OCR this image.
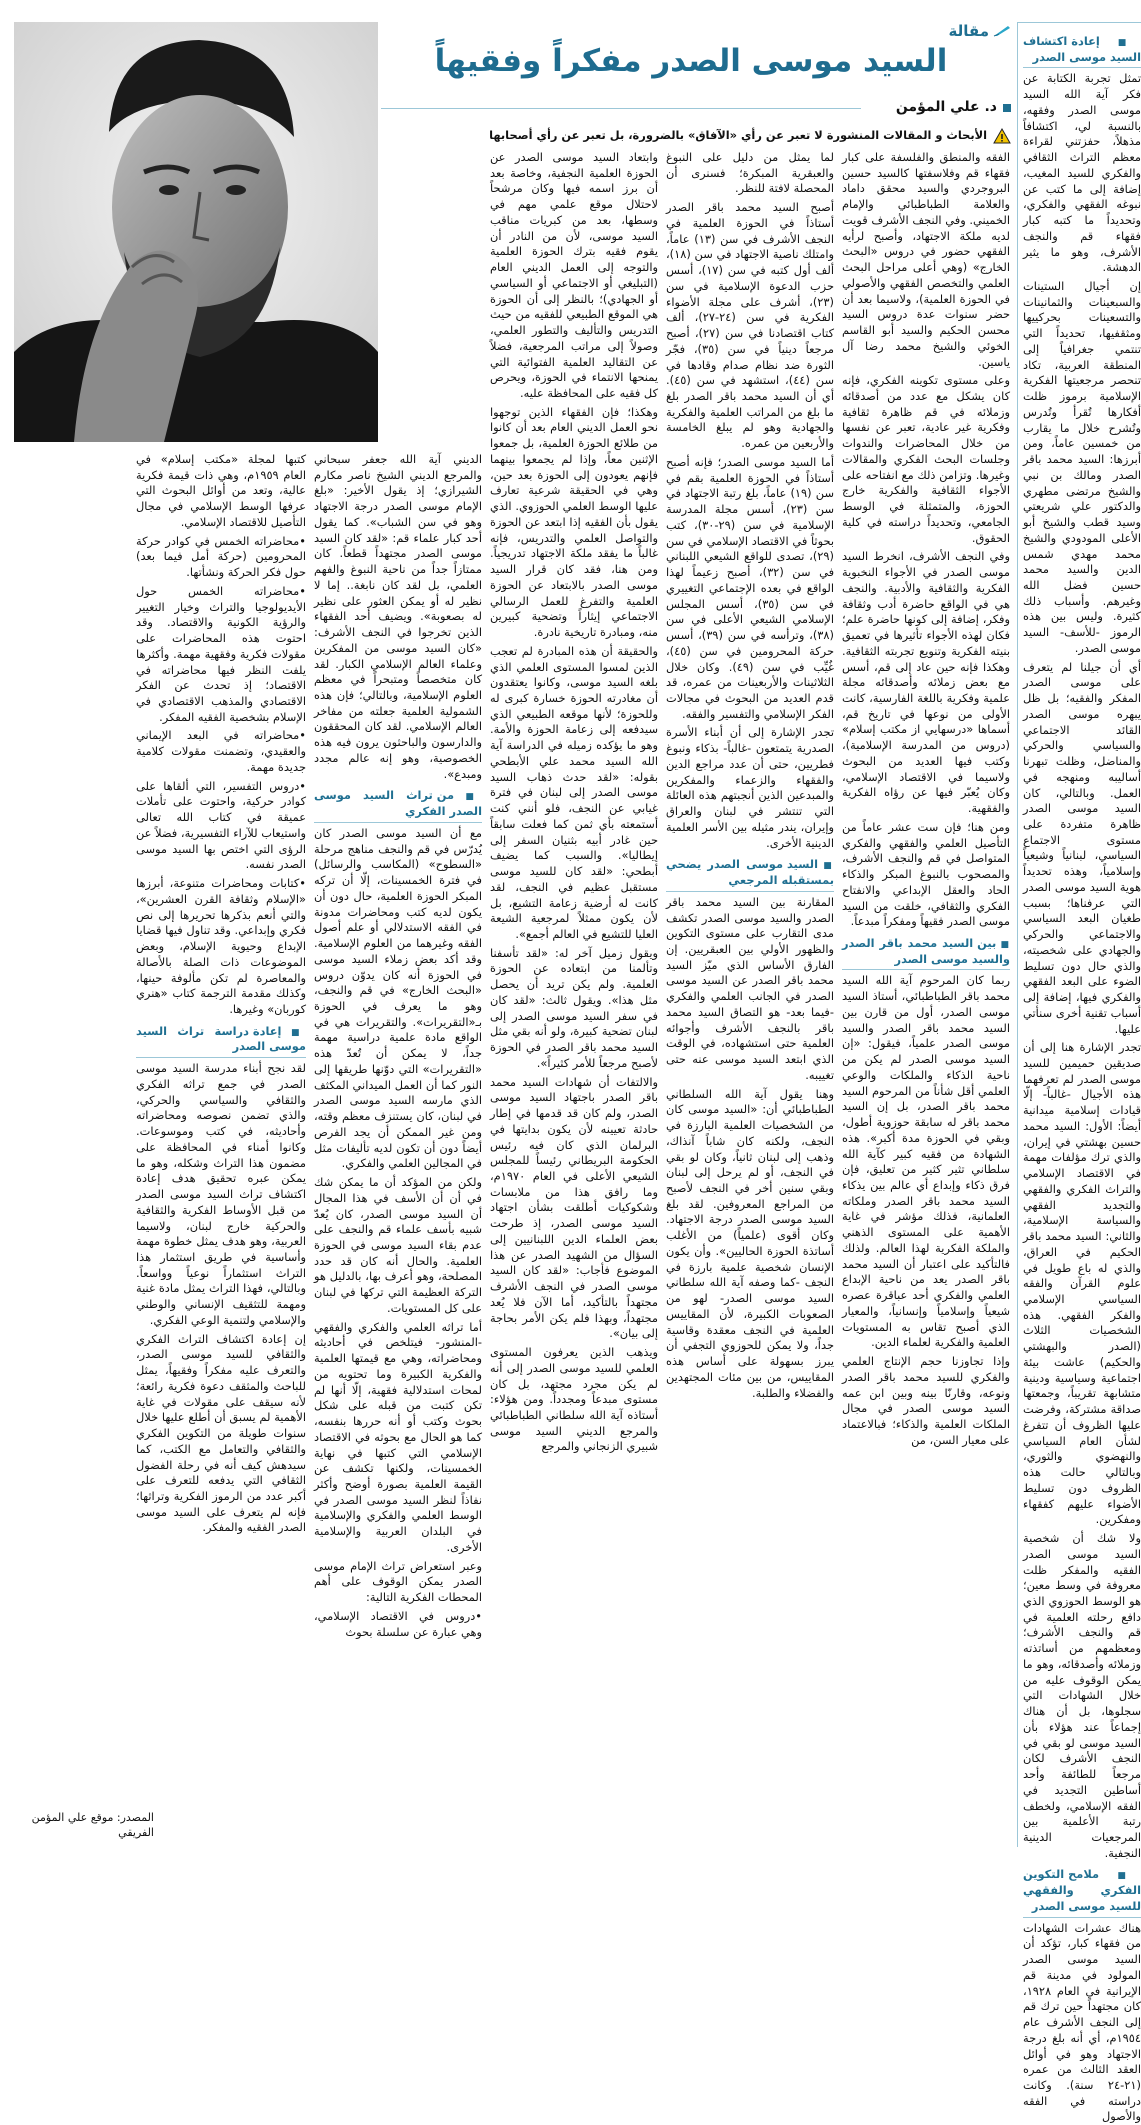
مقالة
السيد موسى الصدر مفكراً وفقيهاً
د. علي المؤمن
الأبحاث و المقالات المنشورة لا تعبر عن رأي «الآفاق» بالضرورة، بل تعبر عن رأي أصحابها
■ إعادة اكتشاف السيد موسى الصدر

تمثل تجربة الكتابة عن فكر آية الله السيد موسى الصدر وفقهه، بالنسبة لي، اكتشافاً مذهلاً، حفزتني لقراءة معظم التراث الثقافي والفكري للسيد المغيب، إضافة إلى ما كتب عن نبوغه الفقهي والفكري، وتحديداً ما كتبه كبار فقهاء قم والنجف الأشرف، وهو ما يثير الدهشة.

إن أجيال الستينات والسبعينات والثمانينات والتسعينات بحركييها ومثقفيها، تحديداً التي تنتمي جغرافياً إلى المنطقة العربية، تكاد تنحصر مرجعيتها الفكرية الإسلامية برموز ظلت أفكارها تُقرأ وتُدرس وتُشرح خلال ما يقارب من خمسين عاماً، ومن أبرزها: السيد محمد باقر الصدر ومالك بن نبي والشيخ مرتضى مطهري والدكتور علي شريعتي وسيد قطب والشيخ أبو الأعلى المودودي والشيخ محمد مهدي شمس الدين والسيد محمد حسين فضل الله وغيرهم. وأسباب ذلك كثيرة. وليس بين هذه الرموز -للأسف- السيد موسى الصدر.

أي أن جيلنا لم يتعرف على موسى الصدر المفكر والفقيه؛ بل ظل يبهره موسى الصدر القائد الاجتماعي والسياسي والحركي والمناضل، وظلت تبهرنا أساليبه ومنهجه في العمل. وبالتالي، كان السيد موسى الصدر ظاهرة متفردة على مستوى الاجتماع السياسي، لبنانياً وشيعياً وإسلامياً، وهذه تحديداً هوية السيد موسى الصدر التي عرفناها؛ بسبب طغيان البعد السياسي والاجتماعي والحركي والجهادي على شخصيته، والذي حال دون تسليط الضوء على البعد الفقهي والفكري فيها، إضافة إلى أسباب تقنية أخرى سنأتي عليها.

تجدر الإشارة هنا إلى أن صديقين حميمين للسيد موسى الصدر لم تعرفهما هذه الأجيال -غالباً- إلّا قيادات إسلامية ميدانية أيضاً: الأول: السيد محمد حسين بهشتي في إيران، والذي ترك مؤلفات مهمة في الاقتصاد الإسلامي والتراث الفكري والفقهي والتجديد الفقهي والسياسة الإسلامية، والثاني: السيد محمد باقر الحكيم في العراق، والذي له باع طويل في علوم القرآن والفقه السياسي الإسلامي والفكر الفقهي. هذه الشخصيات الثلاث (الصدر والبهشتي والحكيم) عاشت بيئة اجتماعية وسياسية ودينية متشابهة تقريباً، وجمعتها صداقة مشتركة، وفرضت عليها الظروف أن تتفرغ لشأن العام السياسي والنهضوي والثوري، وبالتالي حالت هذه الظروف دون تسليط الأضواء عليهم كفقهاء ومفكرين.

ولا شك أن شخصية السيد موسى الصدر الفقيه والمفكر ظلت معروفة في وسط معين؛ هو الوسط الحوزوي الذي دافع رحلته العلمية في قم والنجف الأشرف؛ ومعظمهم من أساتذته وزملائه وأصدقائه، وهو ما يمكن الوقوف عليه من خلال الشهادات التي سجلوها، بل أن هناك إجماعاً عند هؤلاء بأن السيد موسى لو بقي في النجف الأشرف لكان مرجعاً للطائفة وأحد أساطين التجديد في الفقه الإسلامي، ولخطف رتبة الأعلمية بين المرجعيات الدينية النجفية.

■ ملامح التكوين الفكري والفقهي للسيد موسى الصدر

هناك عشرات الشهادات من فقهاء كبار، تؤكد أن السيد موسى الصدر المولود في مدينة قم الإيرانية في العام ١٩٢٨، كان مجتهداً حين ترك قم إلى النجف الأشرف عام ١٩٥٤م، أي أنه بلغ درجة الاجتهاد وهو في أوائل العقد الثالث من عمره (٢١-٢٤ سنة). وكانت دراسته في الفقه والأصول

الفقه والمنطق والفلسفة على كبار فقهاء قم وفلاسفتها كالسيد حسين البروجردي والسيد محقق داماد والعلامة الطباطبائي والإمام الخميني. وفي النجف الأشرف قويت لديه ملكة الاجتهاد، وأصبح لرأيه الفقهي حضور في دروس «البحث الخارج» (وهي أعلى مراحل البحث العلمي والتخصص الفقهي والأصولي في الحوزة العلمية)، ولاسيما بعد أن حضر سنوات عدة دروس السيد محسن الحكيم والسيد أبو القاسم الخوئي والشيخ محمد رضا آل ياسين.

وعلى مستوى تكوينه الفكري، فإنه كان يشكل مع عدد من أصدقائه وزملائه في قم ظاهرة ثقافية وفكرية غير عادية، تعبر عن نفسها من خلال المحاضرات والندوات وجلسات البحث الفكري والمقالات وغيرها. وتزامن ذلك مع انفتاحه على الأجواء الثقافية والفكرية خارج الحوزة، والمتمثلة في الوسط الجامعي، وتحديداً دراسته في كلية الحقوق.

وفي النجف الأشرف، انخرط السيد موسى الصدر في الأجواء النخبوية الفكرية والثقافية والأدبية. والنجف هي في الواقع حاضرة أدب وثقافة وفكر، إضافة إلى كونها حاضرة علم؛ فكان لهذه الأجواء تأثيرها في تعميق بنيته الفكرية وتنويع تجربته الثقافية. وهكذا فإنه حين عاد إلى قم، أسس مع بعض زملائه وأصدقائه مجلة علمية وفكرية باللغة الفارسية، كانت الأولى من نوعها في تاريخ قم، أسماها «درسهايي از مكتب إسلام» (دروس من المدرسة الإسلامية)، وكتب فيها العديد من البحوث ولاسيما في الاقتصاد الإسلامي، وكان يُعبّر فيها عن رؤاه الفكرية والفقهية.

ومن هنا؛ فإن ست عشر عاماً من التأصيل العلمي والفقهي والفكري المتواصل في قم والنجف الأشرف، والمصحوب بالنبوغ المبكر والذكاء الحاد والعقل الإبداعي والانفتاح الفكري والثقافي، خلقت من السيد موسى الصدر فقيهاً ومفكراً مبدعاً.

■ بين السيد محمد باقر الصدر والسيد موسى الصدر

ربما كان المرحوم آية الله السيد محمد باقر الطباطبائي، أستاذ السيد موسى الصدر، أول من قارن بين السيد محمد باقر الصدر والسيد موسى الصدر علمياً، فيقول: «إن السيد موسى الصدر لم يكن من ناحية الذكاء والملكات والوعي العلمي أقل شأناً من المرحوم السيد محمد باقر الصدر، بل إن السيد محمد باقر له سابقة حوزوية أطول، وبقي في الحوزة مدة أكبر». هذه الشهادة من فقيه كبير كآية الله سلطاني تثير كثير من تعليق، فإن فرق ذكاء وإبداع أي عالم بين يذكاء السيد محمد باقر الصدر وملكاته العلمانية، فذلك مؤشر في غاية الأهمية على المستوى الذهني والملكة الفكرية لهذا العالم. ولذلك فالتأكيد على اعتبار أن السيد محمد باقر الصدر يعد من ناحية الإبداع العلمي والفكري أحد عباقرة عصره شيعياً وإسلامياً وإنسانياً، والمعيار الذي أصبح تقاس به المستويات العلمية والفكرية لعلماء الدين.

وإذا تجاوزنا حجم الإنتاج العلمي والفكري للسيد محمد باقر الصدر ونوعه، وقارنّا بينه وبين ابن عمه السيد موسى الصدر في مجال الملكات العلمية والذكاء؛ فبالاعتماد على معيار السن، من

لما يمثل من دليل على النبوغ والعبقرية المبكرة؛ فسنرى أن المحصلة لافتة للنظر.

أصبح السيد محمد باقر الصدر أستاذاً في الحوزة العلمية في النجف الأشرف في سن (١٣) عاماً، وامتلك ناصية الاجتهاد في سن (١٨)، ألف أول كتبه في سن (١٧)، أسس حزب الدعوة الإسلامية في سن (٢٣)، أشرف على مجلة الأضواء الفكرية في سن (٢٤-٢٧)، ألف كتاب اقتصادنا في سن (٢٧)، أصبح مرجعاً دينياً في سن (٣٥)، فجّر الثورة ضد نظام صدام وقادها في سن (٤٤)، استشهد في سن (٤٥). أي أن السيد محمد باقر الصدر بلغ ما بلغ من المراتب العلمية والفكرية والجهادية وهو لم يبلغ الخامسة والأربعين من عمره.

أما السيد موسى الصدر؛ فإنه أصبح أستاذاً في الحوزة العلمية بقم في سن (١٩) عاماً، بلغ رتبة الاجتهاد في سن (٢٣)، أسس مجلة المدرسة الإسلامية في سن (٢٩-٣٠)، كتب بحوثاً في الاقتصاد الإسلامي في سن (٢٩)، تصدى للواقع الشيعي اللبناني في سن (٣٢)، أصبح زعيماً لهذا الواقع في بعده الإجتماعي التغييري في سن (٣٥)، أسس المجلس الإسلامي الشيعي الأعلى في سن (٣٨)، وترأسه في سن (٣٩)، أسس حركة المحرومين في سن (٤٥)، غُيِّب في سن (٤٩). وكان خلال الثلاثينات والأربعينات من عمره، قد قدم العديد من البحوث في مجالات الفكر الإسلامي والتفسير والفقه.

تجدر الإشارة إلى أن أبناء الأسرة الصدرية يتمتعون -غالباً- بذكاء ونبوغ فطريين، حتى أن عدد مراجع الدين والفقهاء والزعماء والمفكرين والمبدعين الذين أنجبتهم هذه العائلة التي تنتشر في لبنان والعراق وإيران، يندر مثيله بين الأسر العلمية الدينية الأخرى.

■ السيد موسى الصدر يضحي بمستقبله المرجعي

المقارنة بين السيد محمد باقر الصدر والسيد موسى الصدر تكشف مدى التقارب على مستوى التكوين والظهور الأولي بين العبقريين. إن الفارق الأساس الذي ميّز السيد محمد باقر الصدر عن السيد موسى الصدر في الجانب العلمي والفكري -فيما بعد- هو التصاق السيد محمد باقر بالنجف الأشرف وأجوائه العلمية حتى استشهاده، في الوقت الذي ابتعد السيد موسى عنه حتى تغييبه.

وهنا يقول آية الله السلطاني الطباطبائي أن: «السيد موسى كان من الشخصيات العلمية البارزة في النجف، ولكنه كان شاباً آنذاك، وذهب إلى لبنان ثانياً، وكان لو بقي في النجف، أو لم يرحل إلى لبنان وبقي سنين أخر في النجف لأصبح من المراجع المعروفين. لقد بلغ السيد موسى الصدر درجة الاجتهاد. وكان أقوى (علمياً) من الأغلب أساتذة الحوزة الحاليين». وأن يكون الإنسان شخصية علمية بارزة في النجف -كما وصفه آية الله سلطاني السيد موسى الصدر- لهو من الصعوبات الكبيرة، لأن المقاييس العلمية في النجف معقدة وقاسية جداً، ولا يمكن للحوزوي التجفي أن يبرز بسهولة على أساس هذه المقاييس، من بين مئات المجتهدين والفضلاء والطلبة.

وابتعاد السيد موسى الصدر عن الحوزة العلمية النجفية، وخاصة بعد أن برز اسمه فيها وكان مرشحاً لاحتلال موقع علمي مهم في وسطها، بعد من كبريات مناقب السيد موسى، لأن من النادر أن يقوم فقيه بترك الحوزة العلمية والتوجه إلى العمل الديني العام (التبليغي أو الاجتماعي أو السياسي أو الجهادي)؛ بالنظر إلى أن الحوزة هي الموقع الطبيعي للفقيه من حيث التدريس والتأليف والتطور العلمي، وصولاً إلى مراتب المرجعية، فضلاً عن التقاليد العلمية الفتوائية التي يمنحها الانتماء في الحوزة، ويحرص كل فقيه على المحافظة عليه.

وهكذا؛ فإن الفقهاء الذين توجهوا نحو العمل الديني العام بعد أن كانوا من طلائع الحوزة العلمية، بل جمعوا الإثنين معاً، وإذا لم يجمعوا بينهما فإنهم يعودون إلى الحوزة بعد حين، وهي في الحقيقة شرعية تعارف عليها الوسط العلمي الحوزوي. الذي يقول بأن الفقيه إذا ابتعد عن الحوزة والتواصل العلمي والتدريس، فإنه غالباً ما يفقد ملكة الاجتهاد تدريجياً. ومن هنا، فقد كان قرار السيد موسى الصدر بالابتعاد عن الحوزة العلمية والتفرغ للعمل الرسالي الاجتماعي إيثاراً وتضحية كبيرين منه، ومبادرة تاريخية نادرة.

والحقيقة أن هذه المبادرة لم تعجب الذين لمسوا المستوى العلمي الذي بلغه السيد موسى، وكانوا يعتقدون أن مغادرته الحوزة خسارة كبرى له وللحوزة؛ لأنها موقعه الطبيعي الذي سيدفعه إلى زعامة الحوزة والأمة. وهو ما يؤكده زميله في الدراسة آية الله السيد محمد علي الأبطحي بقوله: «لقد حدث ذهاب السيد موسى الصدر إلى لبنان في فترة غيابي عن النجف، فلو أنني كنت أستمعته بأي ثمن كما فعلت سابقاً حين غادر أبيه بثنيان السفر إلى إيطاليا». والسبب كما يضيف أبطحي: «لقد كان للسيد موسى مستقبل عظيم في النجف، لقد كانت له أرضية زعامة التشيع، بل لأن يكون ممثلاً لمرجعية الشيعة العليا للتشيع في العالم أجمع».

ويقول زميل آخر له: «لقد تأسفنا وتألمنا من ابتعاده عن الحوزة العلمية. ولم يكن تريد أن يحصل مثل هذا». ويقول ثالث: «لقد كان في سفر السيد موسى الصدر إلى لبنان تضحية كبيرة، ولو أنه بقي مثل السيد محمد باقر الصدر في الحوزة لأصبح مرجعاً للأمر كثيراً».

والالتفات أن شهادات السيد محمد باقر الصدر باجتهاد السيد موسى الصدر، ولم كان قد قدمها في إطار حادثة تعيينه لأن يكون بدايتها في البرلمان الذي كان فيه رئيس الحكومة البريطاني رئيساً للمجلس الشيعي الأعلى في العام ١٩٧٠م، وما رافق هذا من ملابسات وشكوكيات أطلقت بشأن اجتهاد السيد موسى الصدر، إذ طرحت بعض العلماء الدين اللبنانيين إلى السؤال من الشهيد الصدر عن هذا الموضوع فأجاب: «لقد كان السيد موسى الصدر في النجف الأشرف مجتهداً بالتأكيد، أما الآن فلا يُعد مجتهداً، وبهذا فلم يكن الأمر بحاجة إلى بيان».

ويذهب الذين يعرفون المستوى العلمي للسيد موسى الصدر إلى أنه لم يكن مجرد مجتهد، بل كان مستوى مبدعاً ومجدداً. ومن هؤلاء: أستاذه آية الله سلطاني الطباطبائي والمرجع الديني السيد موسى شبيري الزنجاني والمرجع

الديني آية الله جعفر سبحاني والمرجع الديني الشيخ ناصر مكارم الشيرازي؛ إذ يقول الأخير: «بلغ الإمام موسى الصدر درجة الاجتهاد وهو في سن الشباب». كما يقول أحد كبار علماء قم: «لقد كان السيد موسى الصدر مجتهداً قطعاً. كان ممتازاً جداً من ناحية النبوغ والفهم العلمي، بل لقد كان نابغة.. إما لا نظير له أو يمكن العثور على نظير له بصعوبة». ويضيف أحد الفقهاء الذين تخرجوا في النجف الأشرف: «كان السيد موسى من المفكرين وعلماء العالم الإسلامي الكبار. لقد كان متخصصاً ومتبحراً في معظم العلوم الإسلامية، وبالتالي؛ فإن هذه الشمولية العلمية جعلته من مفاخر العالم الإسلامي. لقد كان المحققون والدارسون والباحثون يرون فيه هذه الخصوصية، وهو إنه عالم مجدد ومبدع».

■ من تراث السيد موسى الصدر الفكري

مع أن السيد موسى الصدر كان يُدرّس في قم والنجف مناهج مرحلة «السطوح» (المكاسب والرسائل) في فترة الخمسينات، إلّا أن تركه المبكر الحوزة العلمية، حال دون أن يكون لديه كتب ومحاضرات مدونة في الفقه الاستدلالي أو علم أصول الفقه وغيرهما من العلوم الإسلامية. وقد أكد بعض زملاء السيد موسى في الحوزة أنه كان يدوّن دروس «البحث الخارج» في قم والنجف، وهو ما يعرف في الحوزة بـ«التقريرات». والتقريرات هي في الواقع مادة علمية دراسية مهمة جداً، لا يمكن أن تُعدّ هذه «التقريرات» التي دوّنها طريقها إلى النور كما أن العمل الميداني المكثف الذي مارسه السيد موسى الصدر في لبنان، كان يستنزف معظم وقته، ومن غير الممكن أن يجد الفرص أيضاً دون أن تكون لديه تأليفات مثل في المجالين العلمي والفكري.

ولكن من المؤكد أن ما يمكن شك في أن أن الأسف في هذا المجال أن السيد موسى الصدر، كان يُعدّ شبيه بأسف علماء قم والنجف على عدم بقاء السيد موسى في الحوزة العلمية. والحال أنه كان قد حدد المصلحة، وهو أعرف بها، بالدليل هو التركة العظيمة التي تركها في لبنان على كل المستويات.

أما تراثه العلمي والفكري والفقهي -المنشور- فيتلخص في أحاديثه ومحاضراته، وهي مع قيمتها العلمية والفكرية الكبيرة وما تحتويه من لمحات استدلالية فقهية، إلّا أنها لم تكن كتبت من قبله على شكل بحوث وكتب أو أنه حررها بنفسه، كما هو الحال مع بحوثه في الاقتصاد الإسلامي التي كتبها في نهاية الخمسينات، ولكنها تكشف عن القيمة العلمية بصورة أوضح وأكثر نفاذاً لنظر السيد موسى الصدر في الوسط العلمي والفكري والإسلامية في البلدان العربية والإسلامية الأخرى.

وعبر استعراض تراث الإمام موسى الصدر يمكن الوقوف على أهم المحطات الفكرية التالية:

•دروس في الاقتصاد الإسلامي، وهي عبارة عن سلسلة بحوث

كتبها لمجلة «مكتب إسلام» في العام ١٩٥٩م، وهي ذات قيمة فكرية عالية، وتعد من أوائل البحوث التي عرفها الوسط الإسلامي في مجال التأصيل للاقتصاد الإسلامي.

•محاضراته الخمس في كوادر حركة المحرومين (حركة أمل فيما بعد) حول فكر الحركة ونشأتها.

•محاضراته الخمس حول الأيديولوجيا والتراث وخيار التغيير والرؤية الكونية والاقتصاد. وقد احتوت هذه المحاضرات على مقولات فكرية وفقهية مهمة. وأكثرها يلفت النظر فيها محاضراته في الاقتصاد؛ إذ تحدث عن الفكر الاقتصادي والمذهب الاقتصادي في الإسلام بشخصية الفقيه المفكر.

•محاضراته في البعد الإيماني والعقيدي، وتضمنت مقولات كلامية جديدة مهمة.

•دروس التفسير، التي ألقاها على كوادر حركية، واحتوت على تأملات عميقة في كتاب الله تعالى واستيعاب للآراء التفسيرية، فضلاً عن الرؤى التي اختص بها السيد موسى الصدر نفسه.

•كتابات ومحاضرات متنوعة، أبرزها «الإسلام وثقافة القرن العشرين»، والتي أنعم بذكرها تحريرها إلى نص فكري وإبداعي. وقد تناول فيها قضايا الإبداع وحيوية الإسلام، وبعض الموضوعات ذات الصلة بالأصالة والمعاصرة لم تكن مألوفة حينها، وكذلك مقدمة الترجمة كتاب «هنري كوربان» وغيرها.

■ إعادة دراسة تراث السيد موسى الصدر

لقد نجح أبناء مدرسة السيد موسى الصدر في جمع تراثه الفكري والثقافي والسياسي والحركي، والذي تضمن نصوصه ومحاضراته وأحاديثه، في كتب وموسوعات. وكانوا أمناء في المحافظة على مضمون هذا التراث وشكله، وهو ما يمكن عبره تحقيق هدف إعادة اكتشاف تراث السيد موسى الصدر من قبل الأوساط الفكرية والثقافية والحركية خارج لبنان، ولاسيما العربية، وهو هدف يمثل خطوة مهمة وأساسية في طريق استثمار هذا التراث استثماراً نوعياً وواسعاً. وبالتالي، فهذا التراث يمثل مادة غنية ومهمة للتثقيف الإنساني والوطني والإسلامي ولتنمية الوعي الفكري.

إن إعادة اكتشاف التراث الفكري والثقافي للسيد موسى الصدر، والتعرف عليه مفكراً وفقيهاً، يمثل للباحث والمثقف دعوة فكرية رائعة؛ لأنه سيقف على مقولات في غاية الأهمية لم يسبق أن أطلع عليها خلال سنوات طويلة من التكوين الفكري والثقافي والتعامل مع الكتب، كما سيدهش كيف أنه في رحلة الفضول الثقافي التي يدفعه للتعرف على أكبر عدد من الرموز الفكرية وتراثها؛ فإنه لم يتعرف على السيد موسى الصدر الفقيه والمفكر.

المصدر: موقع علي المؤمن الفريقي
